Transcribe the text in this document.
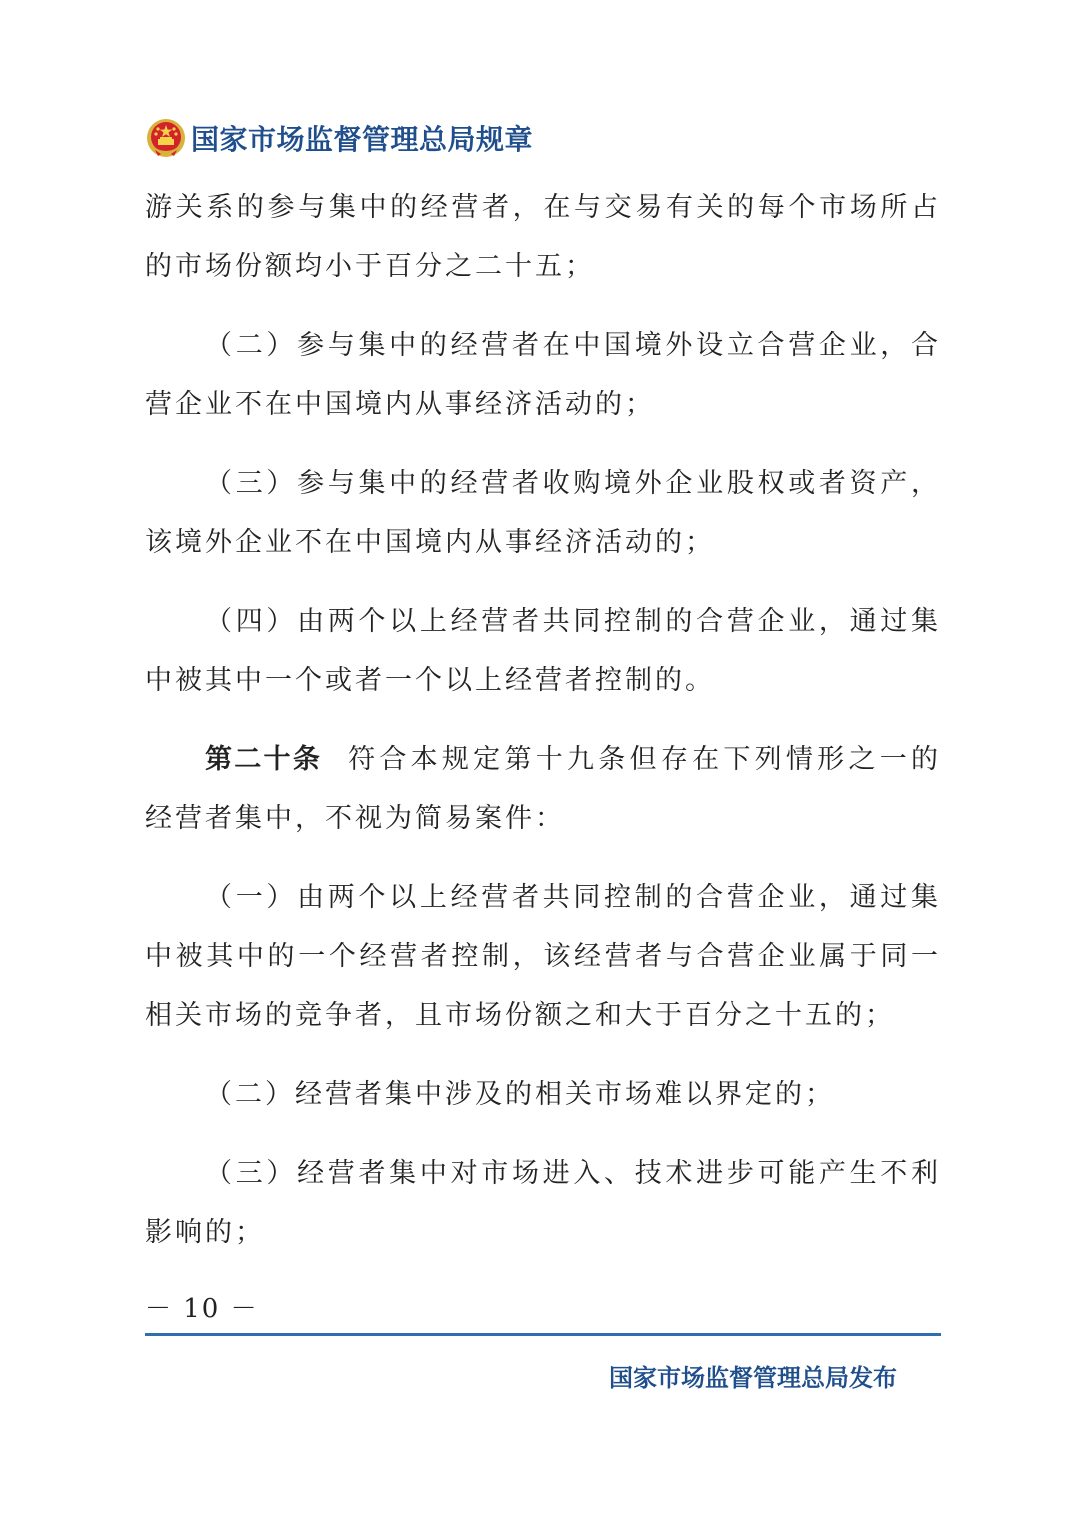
国家市场监督管理总局规章

游关系的参与集中的经营者，在与交易有关的每个市场所占的市场份额均小于百分之二十五；

（二）参与集中的经营者在中国境外设立合营企业，合营企业不在中国境内从事经济活动的；

（三）参与集中的经营者收购境外企业股权或者资产，该境外企业不在中国境内从事经济活动的；

（四）由两个以上经营者共同控制的合营企业，通过集中被其中一个或者一个以上经营者控制的。

第二十条 符合本规定第十九条但存在下列情形之一的经营者集中，不视为简易案件：

（一）由两个以上经营者共同控制的合营企业，通过集中被其中的一个经营者控制，该经营者与合营企业属于同一相关市场的竞争者，且市场份额之和大于百分之十五的；

（二）经营者集中涉及的相关市场难以界定的；

（三）经营者集中对市场进入、技术进步可能产生不利影响的；

－ 10 －
国家市场监督管理总局发布
